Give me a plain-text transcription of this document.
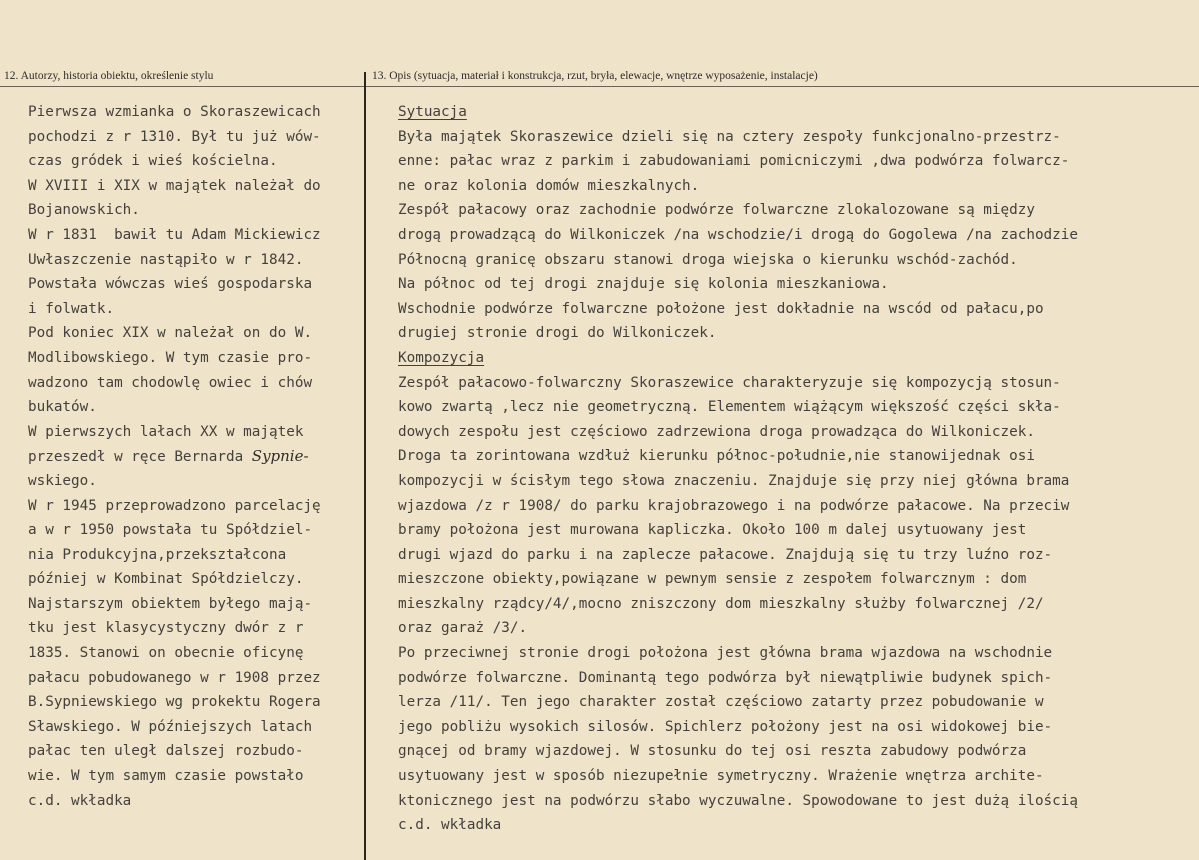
12. Autorzy, historia obiektu, określenie stylu	13. Opis (sytuacja, materiał i konstrukcja, rzut, bryła, elewacje, wnętrze wyposażenie, instalacje)
Pierwsza wzmianka o Skoraszewicach
pochodzi z r 1310. Był tu już wów-
czas gródek i wieś kościelna.
W XVIII i XIX w majątek należał do
Bojanowskich.
W r 1831  bawił tu Adam Mickiewicz
Uwłaszczenie nastąpiło w r 1842.
Powstała wówczas wieś gospodarska
i folwatk.
Pod koniec XIX w należał on do W.
Modlibowskiego. W tym czasie pro-
wadzono tam chodowlę owiec i chów
bukatów.
W pierwszych lałach XX w majątek
przeszedł w ręce Bernarda Sypnie-
wskiego.
W r 1945 przeprowadzono parcelację
a w r 1950 powstała tu Spółdziel-
nia Produkcyjna,przekształcona
później w Kombinat Spółdzielczy.
Najstarszym obiektem byłego mają-
tku jest klasycystyczny dwór z r
1835. Stanowi on obecnie oficynę
pałacu pobudowanego w r 1908 przez
B.Sypniewskiego wg prokektu Rogera
Sławskiego. W późniejszych latach
pałac ten uległ dalszej rozbudo-
wie. W tym samym czasie powstało
c.d. wkładka
Sytuacja
Była majątek Skoraszewice dzieli się na cztery zespoły funkcjonalno-przestrz-
enne: pałac wraz z parkim i zabudowaniami pomicniczymi ,dwa podwórza folwarcz-
ne oraz kolonia domów mieszkalnych.
Zespół pałacowy oraz zachodnie podwórze folwarczne zlokalozowane są między
drogą prowadzącą do Wilkoniczek /na wschodzie/i drogą do Gogolewa /na zachodzie
Północną granicę obszaru stanowi droga wiejska o kierunku wschód-zachód.
Na północ od tej drogi znajduje się kolonia mieszkaniowa.
Wschodnie podwórze folwarczne położone jest dokładnie na wscód od pałacu,po
drugiej stronie drogi do Wilkoniczek.
Kompozycja
Zespół pałacowo-folwarczny Skoraszewice charakteryzuje się kompozycją stosun-
kowo zwartą ,lecz nie geometryczną. Elementem wiążącym większość części skła-
dowych zespołu jest częściowo zadrzewiona droga prowadząca do Wilkoniczek.
Droga ta zorintowana wzdłuż kierunku północ-południe,nie stanowijednak osi
kompozycji w ścisłym tego słowa znaczeniu. Znajduje się przy niej główna brama
wjazdowa /z r 1908/ do parku krajobrazowego i na podwórze pałacowe. Na przeciw
bramy położona jest murowana kapliczka. Około 100 m dalej usytuowany jest
drugi wjazd do parku i na zaplecze pałacowe. Znajdują się tu trzy luźno roz-
mieszczone obiekty,powiązane w pewnym sensie z zespołem folwarcznym : dom
mieszkalny rządcy/4/,mocno zniszczony dom mieszkalny służby folwarcznej /2/
oraz garaż /3/.
Po przeciwnej stronie drogi położona jest główna brama wjazdowa na wschodnie
podwórze folwarczne. Dominantą tego podwórza był niewątpliwie budynek spich-
lerza /11/. Ten jego charakter został częściowo zatarty przez pobudowanie w
jego pobliżu wysokich silosów. Spichlerz położony jest na osi widokowej bie-
gnącej od bramy wjazdowej. W stosunku do tej osi reszta zabudowy podwórza
usytuowany jest w sposób niezupełnie symetryczny. Wrażenie wnętrza archite-
ktonicznego jest na podwórzu słabo wyczuwalne. Spowodowane to jest dużą ilością
c.d. wkładka
